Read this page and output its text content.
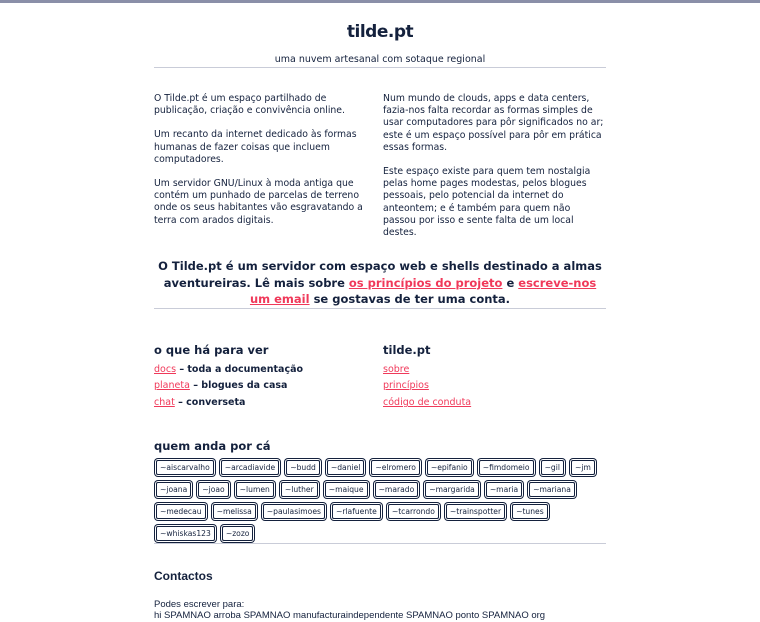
tilde.pt

uma nuvem artesanal com sotaque regional

O Tilde.pt é um espaço partilhado de publicação, criação e convivência online.

Um recanto da internet dedicado às formas humanas de fazer coisas que incluem computadores.

Um servidor GNU/Linux à moda antiga que contém um punhado de parcelas de terreno onde os seus habitantes vão esgravatando a terra com arados digitais.

Num mundo de clouds, apps e data centers, fazia-nos falta recordar as formas simples de usar computadores para pôr significados no ar; este é um espaço possível para pôr em prática essas formas.

Este espaço existe para quem tem nostalgia pelas home pages modestas, pelos blogues pessoais, pelo potencial da internet do anteontem; e é também para quem não passou por isso e sente falta de um local destes.

O Tilde.pt é um servidor com espaço web e shells destinado a almas aventureiras. Lê mais sobre os princípios do projeto e escreve-nos um email se gostavas de ter uma conta.

o que há para ver
docs – toda a documentação
planeta – blogues da casa
chat – converseta
tilde.pt
sobre
princípios
código de conduta
quem anda por cá
~aiscarvalho	~arcadiavide	~budd	~daniel	~elromero	~epifanio	~fimdomeio	~gil	~jm
~joana	~joao	~lumen	~luther	~maique	~marado	~margarida	~maria	~mariana
~medecau	~melissa	~paulasimoes	~rlafuente	~tcarrondo	~trainspotter	~tunes
~whiskas123	~zozo
Contactos

Podes escrever para:
hi SPAMNAO arroba SPAMNAO manufacturaindependente SPAMNAO ponto SPAMNAO org
